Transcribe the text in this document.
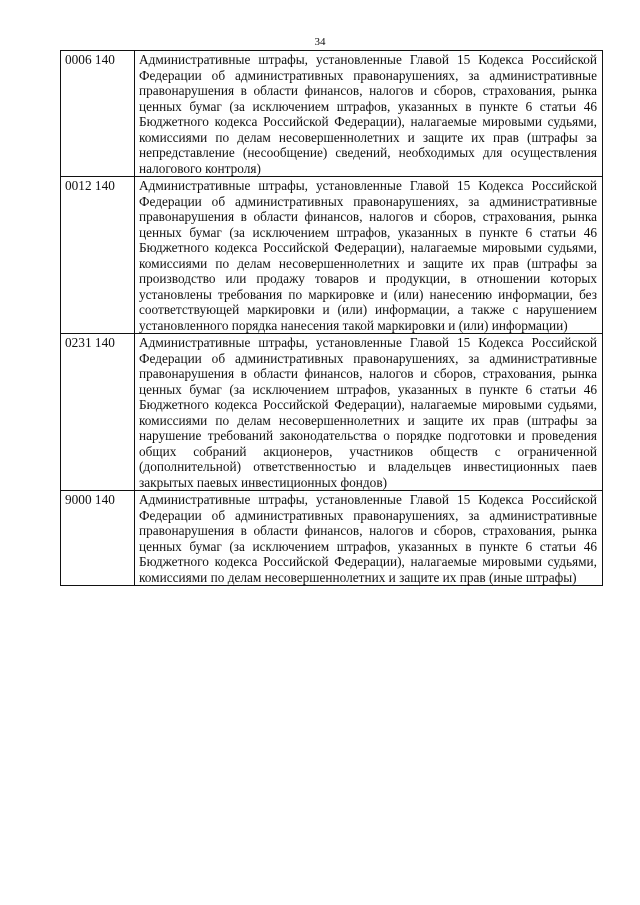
34
0006 140	Административные штрафы, установленные Главой 15 Кодекса Российской Федерации об административных правонарушениях, за административные правонарушения в области финансов, налогов и сборов, страхования, рынка ценных бумаг (за исключением штрафов, указанных в пункте 6 статьи 46 Бюджетного кодекса Российской Федерации), налагаемые мировыми судьями, комиссиями по делам несовершеннолетних и защите их прав (штрафы за непредставление (несообщение) сведений, необходимых для осуществления налогового контроля)
0012 140	Административные штрафы, установленные Главой 15 Кодекса Российской Федерации об административных правонарушениях, за административные правонарушения в области финансов, налогов и сборов, страхования, рынка ценных бумаг (за исключением штрафов, указанных в пункте 6 статьи 46 Бюджетного кодекса Российской Федерации), налагаемые мировыми судьями, комиссиями по делам несовершеннолетних и защите их прав (штрафы за производство или продажу товаров и продукции, в отношении которых установлены требования по маркировке и (или) нанесению информации, без соответствующей маркировки и (или) информации, а также с нарушением установленного порядка нанесения такой маркировки и (или) информации)
0231 140	Административные штрафы, установленные Главой 15 Кодекса Российской Федерации об административных правонарушениях, за административные правонарушения в области финансов, налогов и сборов, страхования, рынка ценных бумаг (за исключением штрафов, указанных в пункте 6 статьи 46 Бюджетного кодекса Российской Федерации), налагаемые мировыми судьями, комиссиями по делам несовершеннолетних и защите их прав (штрафы за нарушение требований законодательства о порядке подготовки и проведения общих собраний акционеров, участников обществ с ограниченной (дополнительной) ответственностью и владельцев инвестиционных паев закрытых паевых инвестиционных фондов)
9000 140	Административные штрафы, установленные Главой 15 Кодекса Российской Федерации об административных правонарушениях, за административные правонарушения в области финансов, налогов и сборов, страхования, рынка ценных бумаг (за исключением штрафов, указанных в пункте 6 статьи 46 Бюджетного кодекса Российской Федерации), налагаемые мировыми судьями, комиссиями по делам несовершеннолетних и защите их прав (иные штрафы)
